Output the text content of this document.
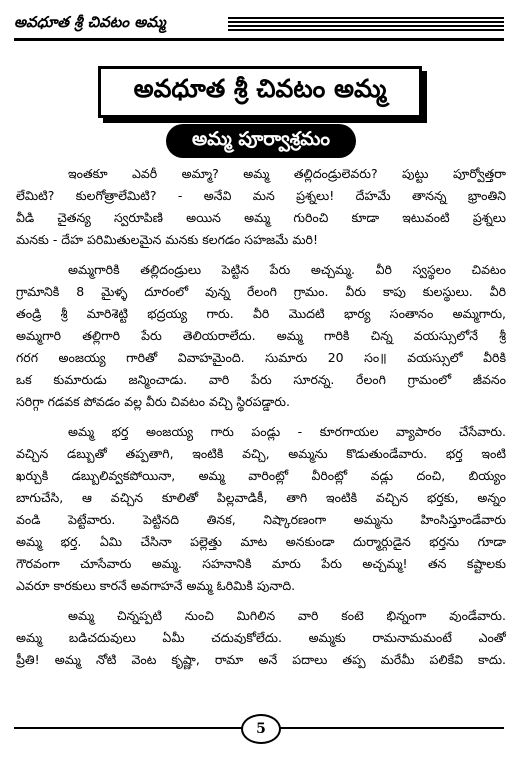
అవధూత శ్రీ చివటం అమ్మ
అవధూత శ్రీ చివటం అమ్మ
అమ్మ పూర్వాశ్రమం
ఇంతకూ ఎవరీ అమ్మా? అమ్మ తల్లిదండ్రులెవరు? పుట్టు పూర్వోత్తరా
లేమిటి? కులగోత్రాలేమిటి? - అనేవి మన ప్రశ్నలు! దేహమే తానన్న భ్రాంతిని
వీడి చైతన్య స్వరూపిణి అయిన అమ్మ గురించి కూడా ఇటువంటి ప్రశ్నలు
మనకు - దేహ పరిమితులమైన మనకు కలగడం సహజమే మరి!
అమ్మగారికి తల్లిదండ్రులు పెట్టిన పేరు అచ్చమ్మ. వీరి స్వస్థలం చివటం
గ్రామానికి 8 మైళ్ళ దూరంలో వున్న రేలంగి గ్రామం. వీరు కాపు కులస్థులు. వీరి
తండ్రి శ్రీ మారిశెట్టి భద్రయ్య గారు. వీరి మొదటి భార్య సంతానం అమ్మగారు,
అమ్మగారి తల్లిగారి పేరు తెలియరాలేదు. అమ్మ గారికి చిన్న వయస్సులోనే శ్రీ
గరగ అంజయ్య గారితో వివాహమైంది. సుమారు 20 సం॥ వయస్సులో వీరికి
ఒక కుమారుడు జన్మించాడు. వారి పేరు సూరన్న. రేలంగి గ్రామంలో జీవనం
సరిగ్గా గడవక పోవడం వల్ల వీరు చివటం వచ్చి స్థిరపడ్డారు.
అమ్మ భర్త అంజయ్య గారు పండ్లు - కూరగాయల వ్యాపారం చేసేవారు.
వచ్చిన డబ్బుతో తప్పతాగి, ఇంటికి వచ్చి, అమ్మను కొడుతుండేవారు. భర్త ఇంటి
ఖర్చుకి డబ్బులివ్వకపోయినా, అమ్మ వారింట్లో వీరింట్లో వడ్లు దంచి, బియ్యం
బాగుచేసి, ఆ వచ్చిన కూలితో పిల్లవాడికీ, తాగి ఇంటికి వచ్చిన భర్తకు, అన్నం
వండి పెట్టేవారు. పెట్టినది తినక, నిష్కారణంగా అమ్మను హింసిస్తూండేవారు
అమ్మ భర్త. ఏమి చేసినా పల్లెత్తు మాట అనకుండా దుర్మార్గుడైన భర్తను గూడా
గౌరవంగా చూసేవారు అమ్మ. సహనానికి మారు పేరు అచ్చమ్మ! తన కష్టాలకు
ఎవరూ కారకులు కారనే అవగాహనే అమ్మ ఓరిమికి పునాది.
అమ్మ చిన్నప్పటి నుంచి మిగిలిన వారి కంటె భిన్నంగా వుండేవారు.
అమ్మ బడిచదువులు ఏమీ చదువుకోలేదు. అమ్మకు రామనామమంటే ఎంతో
ప్రీతి! అమ్మ నోటి వెంట కృష్ణా, రామా అనే పదాలు తప్ప మరేమీ పలికేవి కాదు.
5
